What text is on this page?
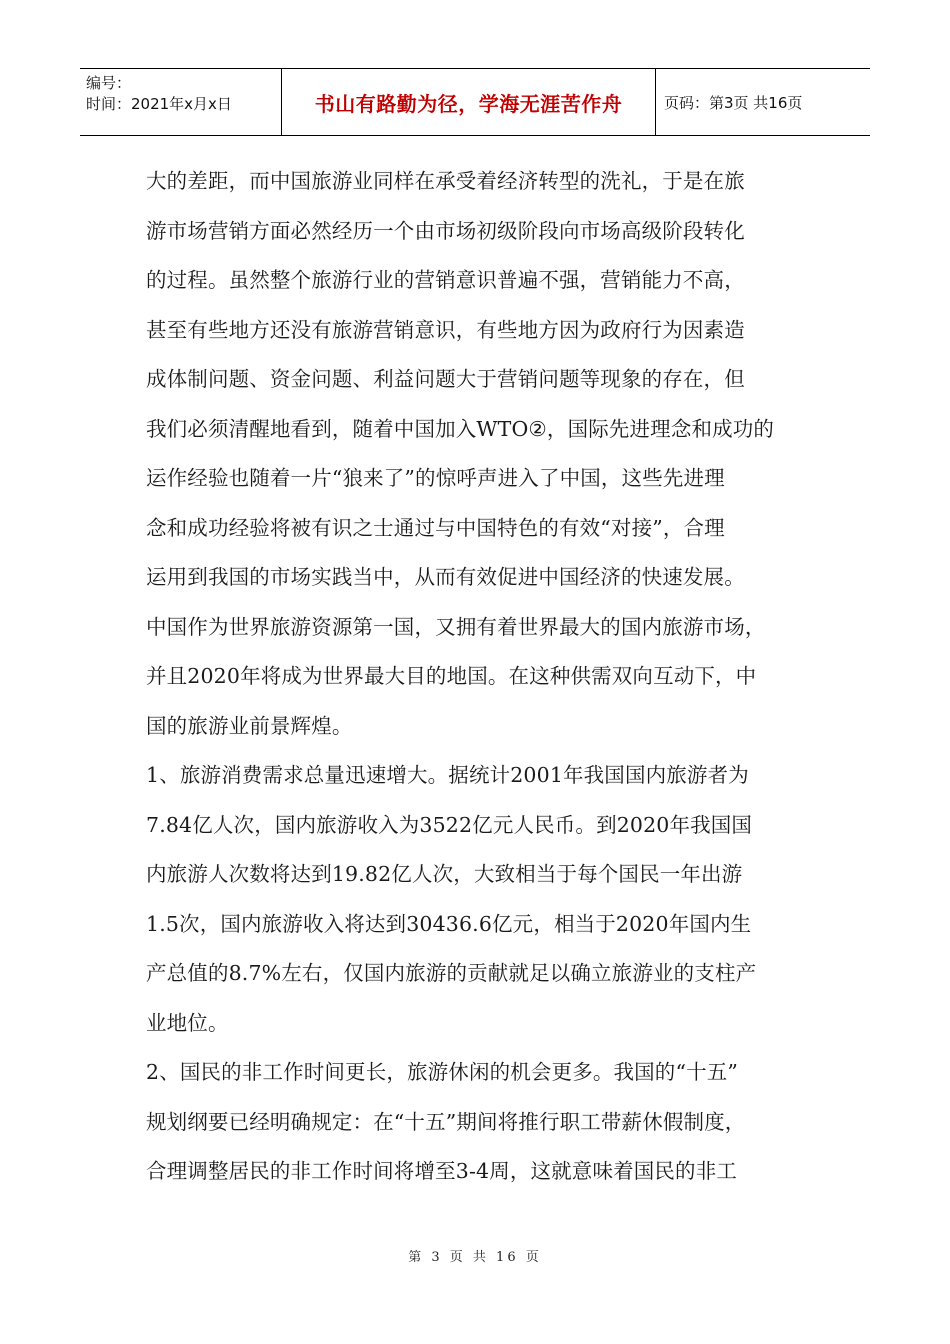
编号：
时间：2021年x月x日	书山有路勤为径，学海无涯苦作舟	页码：第3页 共16页

大的差距，而中国旅游业同样在承受着经济转型的洗礼，于是在旅

游市场营销方面必然经历一个由市场初级阶段向市场高级阶段转化

的过程。虽然整个旅游行业的营销意识普遍不强，营销能力不高，

甚至有些地方还没有旅游营销意识，有些地方因为政府行为因素造

成体制问题、资金问题、利益问题大于营销问题等现象的存在，但

我们必须清醒地看到，随着中国加入WTO②，国际先进理念和成功的

运作经验也随着一片“狼来了”的惊呼声进入了中国，这些先进理

念和成功经验将被有识之士通过与中国特色的有效“对接”，合理

运用到我国的市场实践当中，从而有效促进中国经济的快速发展。

中国作为世界旅游资源第一国，又拥有着世界最大的国内旅游市场，

并且2020年将成为世界最大目的地国。在这种供需双向互动下，中

国的旅游业前景辉煌。

1、旅游消费需求总量迅速增大。据统计2001年我国国内旅游者为

7.84亿人次，国内旅游收入为3522亿元人民币。到2020年我国国

内旅游人次数将达到19.82亿人次，大致相当于每个国民一年出游

1.5次，国内旅游收入将达到30436.6亿元，相当于2020年国内生

产总值的8.7%左右，仅国内旅游的贡献就足以确立旅游业的支柱产

业地位。

2、国民的非工作时间更长，旅游休闲的机会更多。我国的“十五”

规划纲要已经明确规定：在“十五”期间将推行职工带薪休假制度，

合理调整居民的非工作时间将增至3-4周，这就意味着国民的非工

第 3 页 共 16 页
